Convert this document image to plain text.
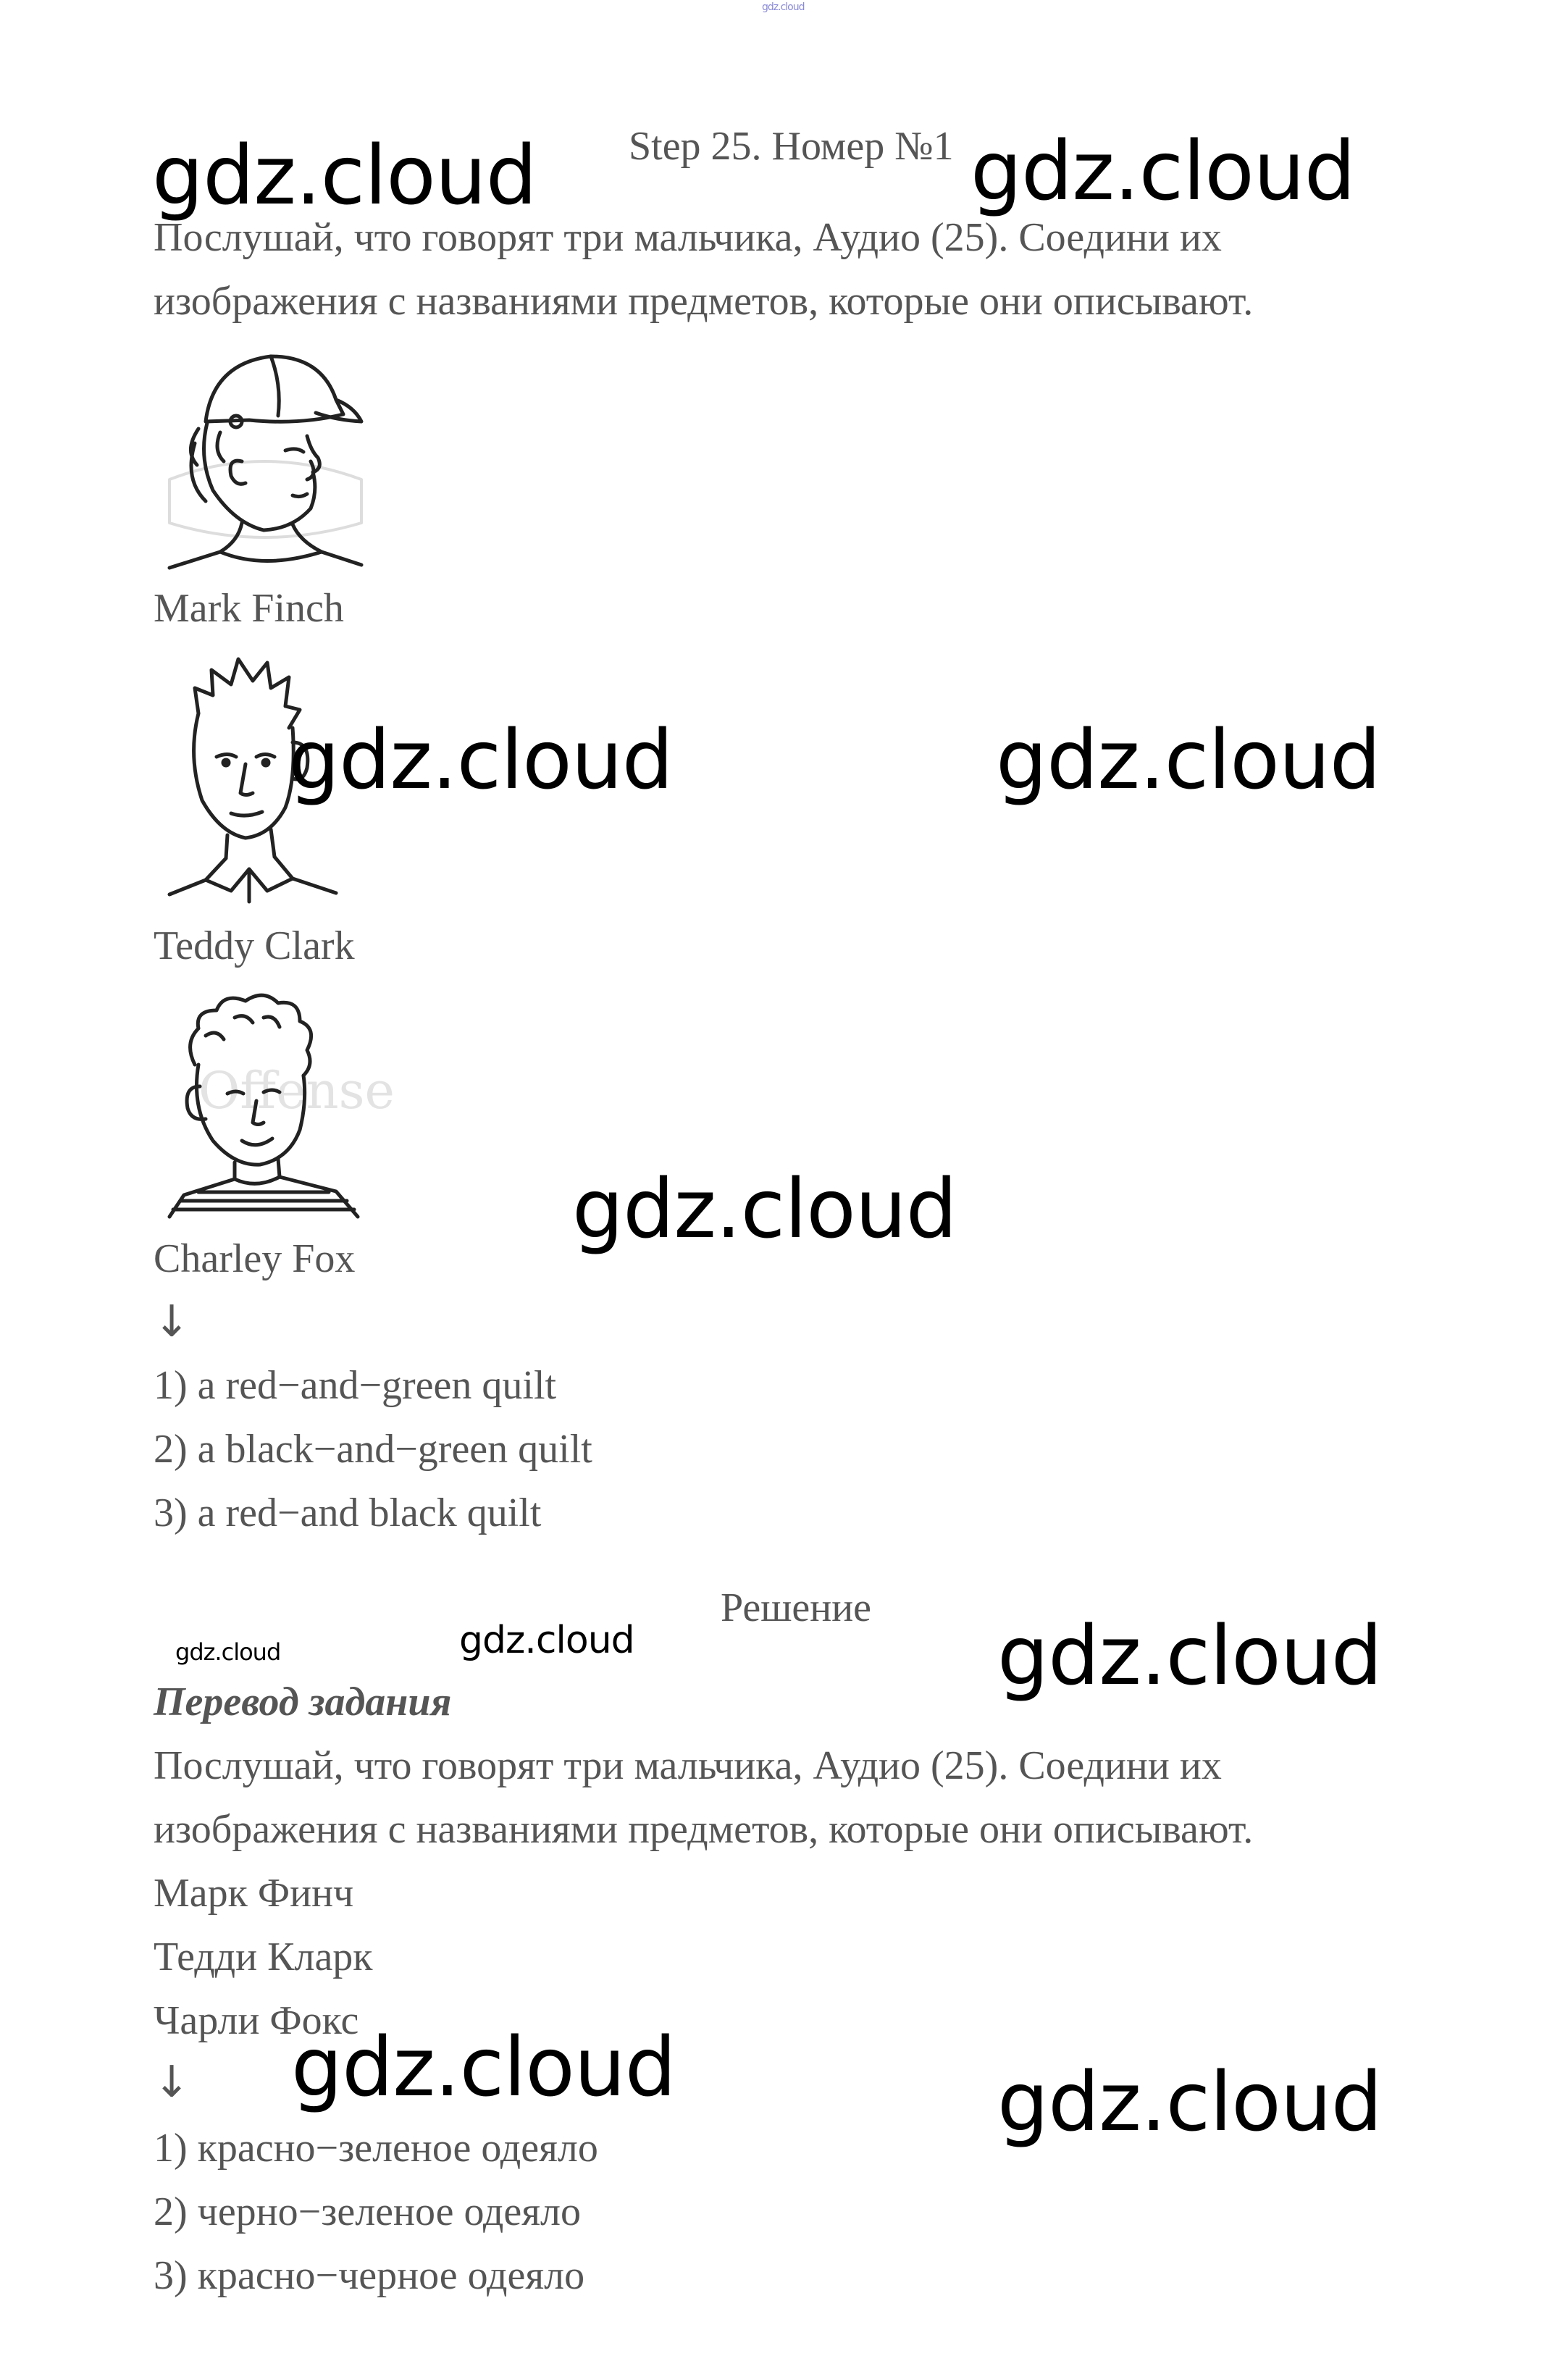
gdz.cloud
Step 25. Номер №1
gdz.cloud	gdz.cloud
Послушай, что говорят три мальчика, Аудио (25). Соедини их
изображения с названиями предметов, которые они описывают.
Mark Finch
gdz.cloud	gdz.cloud
Teddy Clark
Offense
gdz.cloud
Charley Fox
↓
1) a red−and−green quilt
2) a black−and−green quilt
3) a red−and black quilt
Решение
gdz.cloud	gdz.cloud	gdz.cloud
Перевод задания
Послушай, что говорят три мальчика, Аудио (25). Соедини их
изображения с названиями предметов, которые они описывают.
Марк Финч
Тедди Кларк
Чарли Фокс
gdz.cloud	gdz.cloud
↓
1) красно−зеленое одеяло
2) черно−зеленое одеяло
3) красно−черное одеяло
